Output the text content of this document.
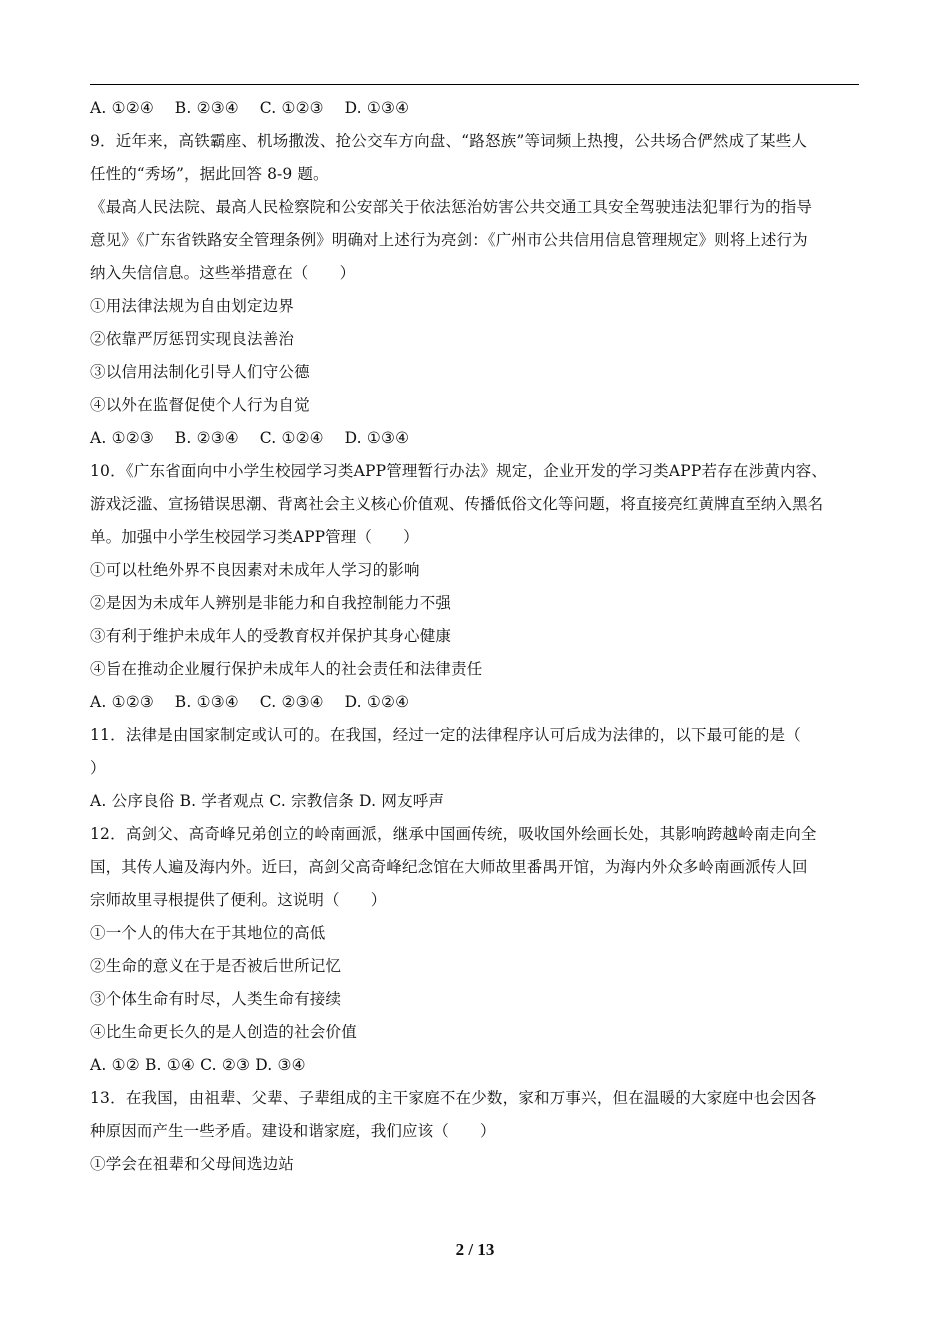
A. ①②④　 B. ②③④　 C. ①②③　 D. ①③④
9．近年来，高铁霸座、机场撒泼、抢公交车方向盘、“路怒族”等词频上热搜，公共场合俨然成了某些人
任性的“秀场”，据此回答 8-9 题。
《最高人民法院、最高人民检察院和公安部关于依法惩治妨害公共交通工具安全驾驶违法犯罪行为的指导
意见》《广东省铁路安全管理条例》明确对上述行为亮剑：《广州市公共信用信息管理规定》则将上述行为
纳入失信信息。这些举措意在（　　）
①用法律法规为自由划定边界
②依靠严厉惩罚实现良法善治
③以信用法制化引导人们守公德
④以外在监督促使个人行为自觉
A. ①②③　 B. ②③④　 C. ①②④　 D. ①③④
10．《广东省面向中小学生校园学习类APP管理暂行办法》规定，企业开发的学习类APP若存在涉黄内容、
游戏泛滥、宣扬错误思潮、背离社会主义核心价值观、传播低俗文化等问题，将直接亮红黄牌直至纳入黑名
单。加强中小学生校园学习类APP管理（　　）
①可以杜绝外界不良因素对未成年人学习的影响
②是因为未成年人辨别是非能力和自我控制能力不强
③有利于维护未成年人的受教育权并保护其身心健康
④旨在推动企业履行保护未成年人的社会责任和法律责任
A. ①②③　 B. ①③④　 C. ②③④　 D. ①②④
11．法律是由国家制定或认可的。在我国，经过一定的法律程序认可后成为法律的，以下最可能的是（
）
A. 公序良俗 B. 学者观点 C. 宗教信条 D. 网友呼声
12．高剑父、高奇峰兄弟创立的岭南画派，继承中国画传统，吸收国外绘画长处，其影响跨越岭南走向全
国，其传人遍及海内外。近曰，高剑父高奇峰纪念馆在大师故里番禺开馆，为海内外众多岭南画派传人回
宗师故里寻根提供了便利。这说明（　　）
①一个人的伟大在于其地位的高低
②生命的意义在于是否被后世所记忆
③个体生命有时尽，人类生命有接续
④比生命更长久的是人创造的社会价值
A. ①② B. ①④ C. ②③ D. ③④
13．在我国，由祖辈、父辈、子辈组成的主干家庭不在少数，家和万事兴，但在温暖的大家庭中也会因各
种原因而产生一些矛盾。建设和谐家庭，我们应该（　　）
①学会在祖辈和父母间选边站
2 / 13
